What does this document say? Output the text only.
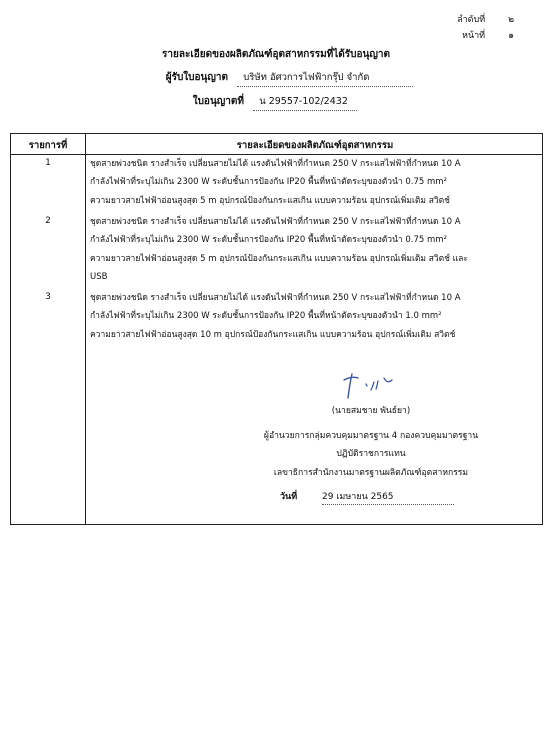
ลำดับที่	๒
หน้าที่	๑
รายละเอียดของผลิตภัณฑ์อุตสาหกรรมที่ได้รับอนุญาต
ผู้รับใบอนุญาต บริษัท อัศวการไฟฟ้ากรุ๊ป จำกัด
ใบอนุญาตที่ น 29557-102/2432
รายการที่	รายละเอียดของผลิตภัณฑ์อุตสาหกรรม
1	ชุดสายพ่วงชนิด รางสำเร็จ เปลี่ยนสายไม่ได้ แรงดันไฟฟ้าที่กำหนด 250 V กระแสไฟฟ้าที่กำหนด 10 A
กำลังไฟฟ้าที่ระบุไม่เกิน 2300 W ระดับชั้นการป้องกัน IP20 พื้นที่หน้าตัดระบุของตัวนำ 0.75 mm²
ความยาวสายไฟฟ้าอ่อนสูงสุด 5 m อุปกรณ์ป้องกันกระแสเกิน แบบความร้อน อุปกรณ์เพิ่มเติม สวิตช์
2	ชุดสายพ่วงชนิด รางสำเร็จ เปลี่ยนสายไม่ได้ แรงดันไฟฟ้าที่กำหนด 250 V กระแสไฟฟ้าที่กำหนด 10 A
กำลังไฟฟ้าที่ระบุไม่เกิน 2300 W ระดับชั้นการป้องกัน IP20 พื้นที่หน้าตัดระบุของตัวนำ 0.75 mm²
ความยาวสายไฟฟ้าอ่อนสูงสุด 5 m อุปกรณ์ป้องกันกระแสเกิน แบบความร้อน อุปกรณ์เพิ่มเติม สวิตช์ และ
USB
3	ชุดสายพ่วงชนิด รางสำเร็จ เปลี่ยนสายไม่ได้ แรงดันไฟฟ้าที่กำหนด 250 V กระแสไฟฟ้าที่กำหนด 10 A
กำลังไฟฟ้าที่ระบุไม่เกิน 2300 W ระดับชั้นการป้องกัน IP20 พื้นที่หน้าตัดระบุของตัวนำ 1.0 mm²
ความยาวสายไฟฟ้าอ่อนสูงสุด 10 m อุปกรณ์ป้องกันกระแสเกิน แบบความร้อน อุปกรณ์เพิ่มเติม สวิตช์
(นายสมชาย พันธ์ยา)
ผู้อำนวยการกลุ่มควบคุมมาตรฐาน 4 กองควบคุมมาตรฐาน
ปฏิบัติราชการแทน
เลขาธิการสำนักงานมาตรฐานผลิตภัณฑ์อุตสาหกรรม
วันที่	29 เมษายน 2565
